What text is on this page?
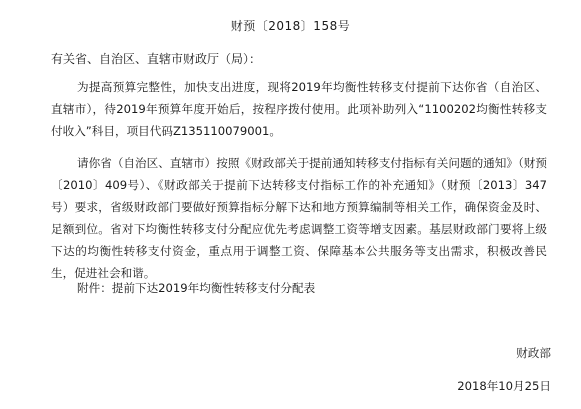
财预〔2018〕158号
有关省、自治区、直辖市财政厅（局）：

为提高预算完整性，加快支出进度，现将2019年均衡性转移支付提前下达你省（自治区、直辖市），待2019年预算年度开始后，按程序拨付使用。此项补助列入“1100202均衡性转移支付收入”科目，项目代码Z135110079001。

请你省（自治区、直辖市）按照《财政部关于提前通知转移支付指标有关问题的通知》（财预〔2010〕409号）、《财政部关于提前下达转移支付指标工作的补充通知》（财预〔2013〕347号）要求，省级财政部门要做好预算指标分解下达和地方预算编制等相关工作，确保资金及时、足额到位。省对下均衡性转移支付分配应优先考虑调整工资等增支因素。基层财政部门要将上级下达的均衡性转移支付资金，重点用于调整工资、保障基本公共服务等支出需求，积极改善民生，促进社会和谐。

附件：提前下达2019年均衡性转移支付分配表
财政部
2018年10月25日
